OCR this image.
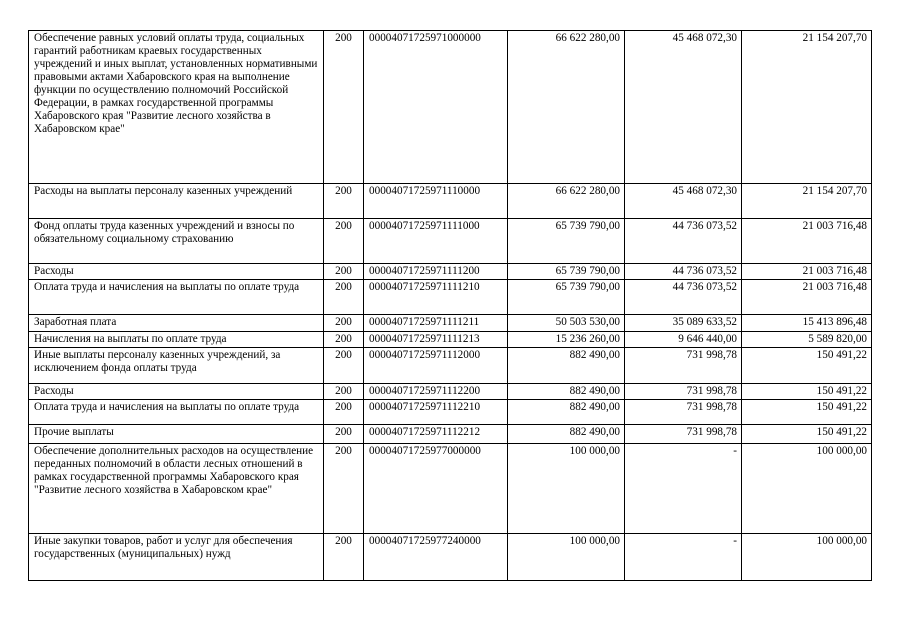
Обеспечение равных условий оплаты труда, социальных гарантий работникам краевых государственных учреждений и иных выплат, установленных нормативными правовыми актами Хабаровского края на выполнение функции по осуществлению полномочий Российской Федерации, в рамках государственной программы Хабаровского края "Развитие лесного хозяйства в Хабаровском крае"	200	00004071725971000000	66 622 280,00	45 468 072,30	21 154 207,70
Расходы на выплаты персоналу казенных учреждений	200	00004071725971110000	66 622 280,00	45 468 072,30	21 154 207,70
Фонд оплаты труда казенных учреждений и взносы по обязательному социальному страхованию	200	00004071725971111000	65 739 790,00	44 736 073,52	21 003 716,48
Расходы	200	00004071725971111200	65 739 790,00	44 736 073,52	21 003 716,48
Оплата труда и начисления на выплаты по оплате труда	200	00004071725971111210	65 739 790,00	44 736 073,52	21 003 716,48
Заработная плата	200	00004071725971111211	50 503 530,00	35 089 633,52	15 413 896,48
Начисления на выплаты по оплате труда	200	00004071725971111213	15 236 260,00	9 646 440,00	5 589 820,00
Иные выплаты персоналу казенных учреждений, за исключением фонда оплаты труда	200	00004071725971112000	882 490,00	731 998,78	150 491,22
Расходы	200	00004071725971112200	882 490,00	731 998,78	150 491,22
Оплата труда и начисления на выплаты по оплате труда	200	00004071725971112210	882 490,00	731 998,78	150 491,22
Прочие выплаты	200	00004071725971112212	882 490,00	731 998,78	150 491,22
Обеспечение дополнительных расходов на осуществление переданных полномочий в области лесных отношений в рамках государственной программы Хабаровского края "Развитие лесного хозяйства в Хабаровском крае"	200	00004071725977000000	100 000,00	-	100 000,00
Иные закупки товаров, работ и услуг для обеспечения государственных (муниципальных) нужд	200	00004071725977240000	100 000,00	-	100 000,00
